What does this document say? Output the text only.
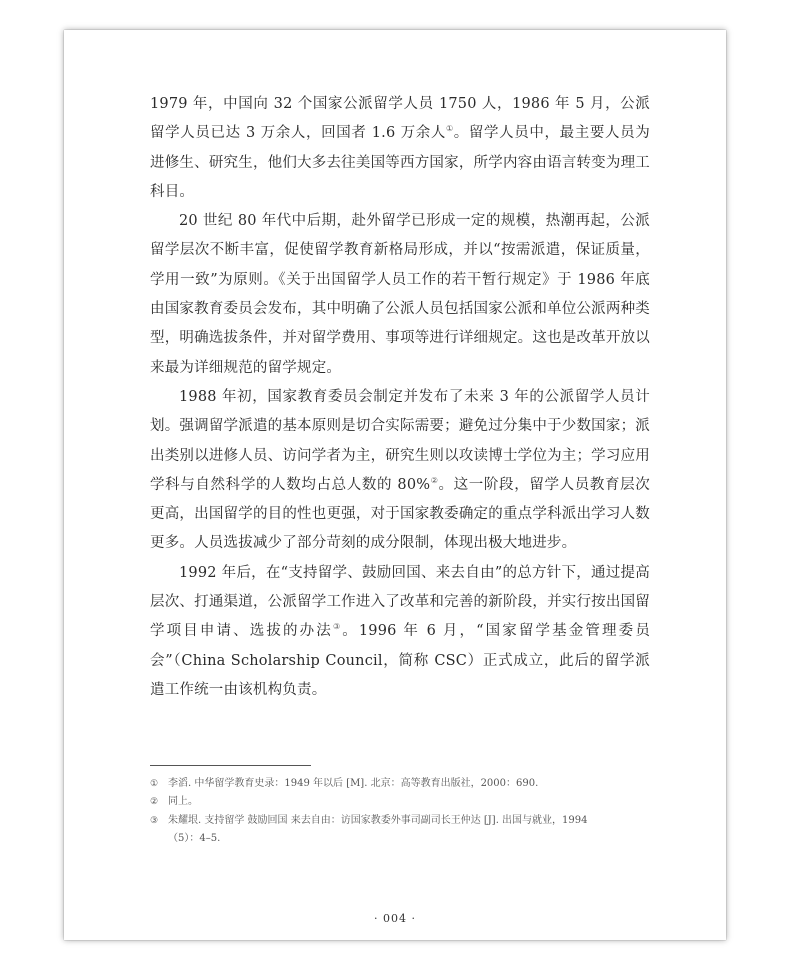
1979 年，中国向 32 个国家公派留学人员 1750 人，1986 年 5 月，公派留学人员已达 3 万余人，回国者 1.6 万余人①。留学人员中，最主要人员为进修生、研究生，他们大多去往美国等西方国家，所学内容由语言转变为理工科目。

20 世纪 80 年代中后期，赴外留学已形成一定的规模，热潮再起，公派留学层次不断丰富，促使留学教育新格局形成，并以“按需派遣，保证质量，学用一致”为原则。《关于出国留学人员工作的若干暂行规定》于 1986 年底由国家教育委员会发布，其中明确了公派人员包括国家公派和单位公派两种类型，明确选拔条件，并对留学费用、事项等进行详细规定。这也是改革开放以来最为详细规范的留学规定。

1988 年初，国家教育委员会制定并发布了未来 3 年的公派留学人员计划。强调留学派遣的基本原则是切合实际需要；避免过分集中于少数国家；派出类别以进修人员、访问学者为主，研究生则以攻读博士学位为主；学习应用学科与自然科学的人数均占总人数的 80%②。这一阶段，留学人员教育层次更高，出国留学的目的性也更强，对于国家教委确定的重点学科派出学习人数更多。人员选拔减少了部分苛刻的成分限制，体现出极大地进步。

1992 年后，在“支持留学、鼓励回国、来去自由”的总方针下，通过提高层次、打通渠道，公派留学工作进入了改革和完善的新阶段，并实行按出国留学项目申请、选拔的办法③。1996 年 6 月，“国家留学基金管理委员会”（China Scholarship Council，简称 CSC）正式成立，此后的留学派遣工作统一由该机构负责。

① 李滔. 中华留学教育史录：1949 年以后 [M]. 北京：高等教育出版社，2000：690.

② 同上。

③ 朱耀垠. 支持留学 鼓励回国 来去自由：访国家教委外事司副司长王仲达 [J]. 出国与就业，1994（5）：4–5.

· 004 ·
